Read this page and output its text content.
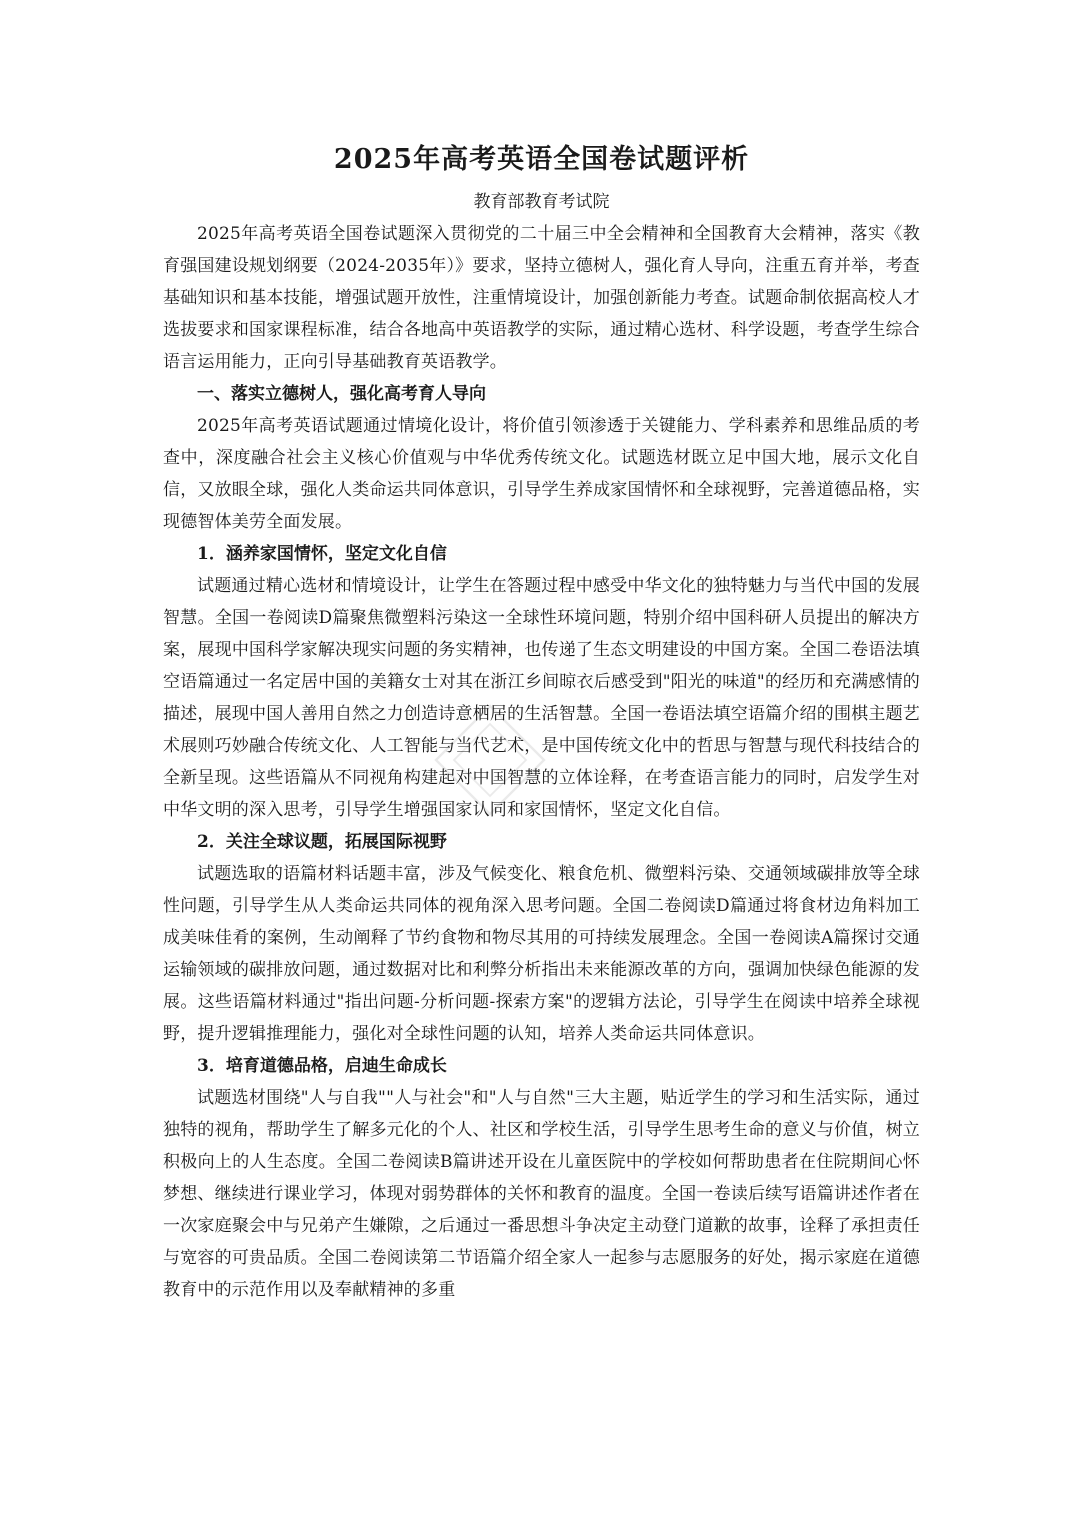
2025年高考英语全国卷试题评析

教育部教育考试院

2025年高考英语全国卷试题深入贯彻党的二十届三中全会精神和全国教育大会精神，落实《教育强国建设规划纲要（2024-2035年）》要求，坚持立德树人，强化育人导向，注重五育并举，考查基础知识和基本技能，增强试题开放性，注重情境设计，加强创新能力考查。试题命制依据高校人才选拔要求和国家课程标准，结合各地高中英语教学的实际，通过精心选材、科学设题，考查学生综合语言运用能力，正向引导基础教育英语教学。

一、落实立德树人，强化高考育人导向

2025年高考英语试题通过情境化设计，将价值引领渗透于关键能力、学科素养和思维品质的考查中，深度融合社会主义核心价值观与中华优秀传统文化。试题选材既立足中国大地，展示文化自信，又放眼全球，强化人类命运共同体意识，引导学生养成家国情怀和全球视野，完善道德品格，实现德智体美劳全面发展。

1．涵养家国情怀，坚定文化自信

试题通过精心选材和情境设计，让学生在答题过程中感受中华文化的独特魅力与当代中国的发展智慧。全国一卷阅读D篇聚焦微塑料污染这一全球性环境问题，特别介绍中国科研人员提出的解决方案，展现中国科学家解决现实问题的务实精神，也传递了生态文明建设的中国方案。全国二卷语法填空语篇通过一名定居中国的美籍女士对其在浙江乡间晾衣后感受到"阳光的味道"的经历和充满感情的描述，展现中国人善用自然之力创造诗意栖居的生活智慧。全国一卷语法填空语篇介绍的围棋主题艺术展则巧妙融合传统文化、人工智能与当代艺术，是中国传统文化中的哲思与智慧与现代科技结合的全新呈现。这些语篇从不同视角构建起对中国智慧的立体诠释，在考查语言能力的同时，启发学生对中华文明的深入思考，引导学生增强国家认同和家国情怀，坚定文化自信。

2．关注全球议题，拓展国际视野

试题选取的语篇材料话题丰富，涉及气候变化、粮食危机、微塑料污染、交通领域碳排放等全球性问题，引导学生从人类命运共同体的视角深入思考问题。全国二卷阅读D篇通过将食材边角料加工成美味佳肴的案例，生动阐释了节约食物和物尽其用的可持续发展理念。全国一卷阅读A篇探讨交通运输领域的碳排放问题，通过数据对比和利弊分析指出未来能源改革的方向，强调加快绿色能源的发展。这些语篇材料通过"指出问题-分析问题-探索方案"的逻辑方法论，引导学生在阅读中培养全球视野，提升逻辑推理能力，强化对全球性问题的认知，培养人类命运共同体意识。

3．培育道德品格，启迪生命成长

试题选材围绕"人与自我""人与社会"和"人与自然"三大主题，贴近学生的学习和生活实际，通过独特的视角，帮助学生了解多元化的个人、社区和学校生活，引导学生思考生命的意义与价值，树立积极向上的人生态度。全国二卷阅读B篇讲述开设在儿童医院中的学校如何帮助患者在住院期间心怀梦想、继续进行课业学习，体现对弱势群体的关怀和教育的温度。全国一卷读后续写语篇讲述作者在一次家庭聚会中与兄弟产生嫌隙，之后通过一番思想斗争决定主动登门道歉的故事，诠释了承担责任与宽容的可贵品质。全国二卷阅读第二节语篇介绍全家人一起参与志愿服务的好处，揭示家庭在道德教育中的示范作用以及奉献精神的多重
